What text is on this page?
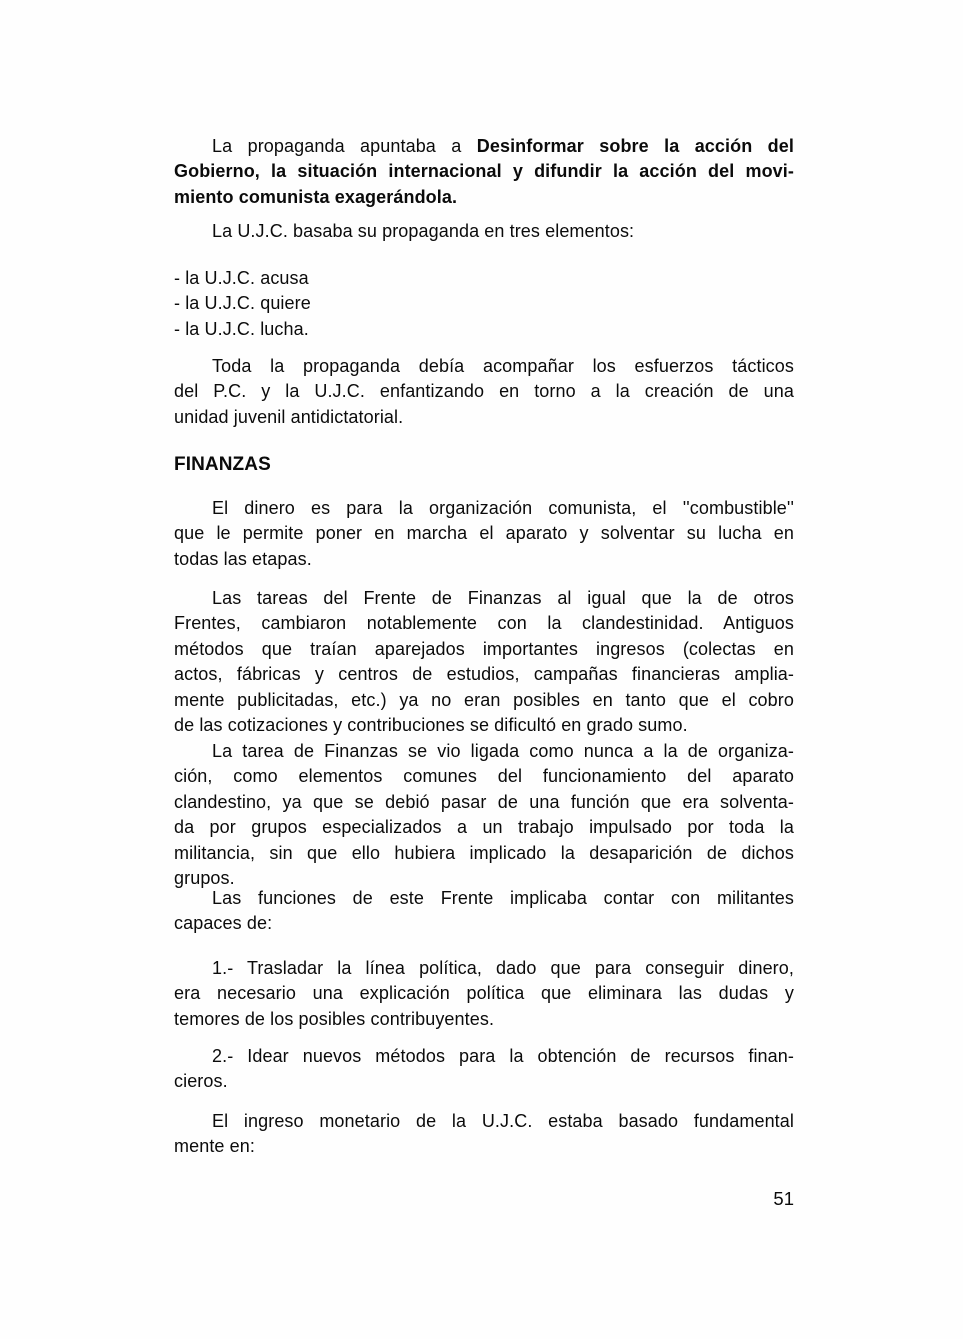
La propaganda apuntaba a Desinformar sobre la acción del
Gobierno, la situación internacional y difundir la acción del movi-
miento comunista exagerándola.
La U.J.C. basaba su propaganda en tres elementos:
- la U.J.C. acusa
- la U.J.C. quiere
- la U.J.C. lucha.
Toda la propaganda debía acompañar los esfuerzos tácticos
del P.C. y la U.J.C. enfantizando en torno a la creación de una
unidad juvenil antidictatorial.
FINANZAS
El dinero es para la organización comunista, el ''combustible''
que le permite poner en marcha el aparato y solventar su lucha en
todas las etapas.
Las tareas del Frente de Finanzas al igual que la de otros
Frentes, cambiaron notablemente con la clandestinidad. Antiguos
métodos que traían aparejados importantes ingresos (colectas en
actos, fábricas y centros de estudios, campañas financieras amplia-
mente publicitadas, etc.) ya no eran posibles en tanto que el cobro
de las cotizaciones y contribuciones se dificultó en grado sumo.
La tarea de Finanzas se vio ligada como nunca a la de organiza-
ción, como elementos comunes del funcionamiento del aparato
clandestino, ya que se debió pasar de una función que era solventa-
da por grupos especializados a un trabajo impulsado por toda la
militancia, sin que ello hubiera implicado la desaparición de dichos
grupos.
Las funciones de este Frente implicaba contar con militantes
capaces de:
1.- Trasladar la línea política, dado que para conseguir dinero,
era necesario una explicación política que eliminara las dudas y
temores de los posibles contribuyentes.
2.- Idear nuevos métodos para la obtención de recursos finan-
cieros.
El ingreso monetario de la U.J.C. estaba basado fundamental
mente en:
51
